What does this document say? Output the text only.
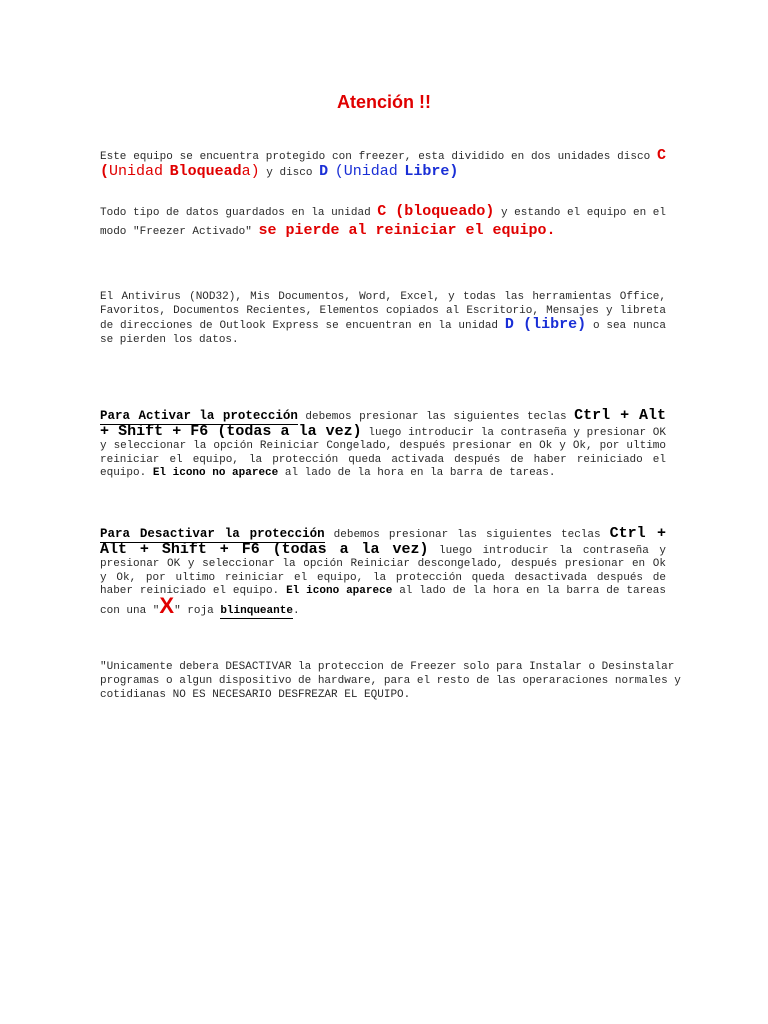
Atención !!

Este equipo se encuentra protegido con freezer, esta dividido en dos unidades disco C (Unidad Bloqueada) y disco D (Unidad Libre)

Todo tipo de datos guardados en la unidad C (bloqueado) y estando el equipo en el modo "Freezer Activado" se pierde al reiniciar el equipo.

El Antivirus (NOD32), Mis Documentos, Word, Excel, y todas las herramientas Office, Favoritos, Documentos Recientes, Elementos copiados al Escritorio, Mensajes y libreta de direcciones de Outlook Express se encuentran en la unidad D (libre) o sea nunca se pierden los datos.

Para Activar la protección debemos presionar las siguientes teclas Ctrl + Alt + Shift + F6 (todas a la vez) luego introducir la contraseña y presionar OK y seleccionar la opción Reiniciar Congelado, después presionar en Ok y Ok, por ultimo reiniciar el equipo, la protección queda activada después de haber reiniciado el equipo. El icono no aparece al lado de la hora en la barra de tareas.

Para Desactivar la protección debemos presionar las siguientes teclas Ctrl + Alt + Shift + F6 (todas a la vez) luego introducir la contraseña y presionar OK y seleccionar la opción Reiniciar descongelado, después presionar en Ok y Ok, por ultimo reiniciar el equipo, la protección queda desactivada después de haber reiniciado el equipo. El icono aparece al lado de la hora en la barra de tareas con una "X" roja blinqueante.

"Unicamente debera DESACTIVAR la proteccion de Freezer solo para Instalar o Desinstalar programas o algun dispositivo de hardware, para el resto de las operaraciones normales y cotidianas NO ES NECESARIO DESFREZAR EL EQUIPO.
